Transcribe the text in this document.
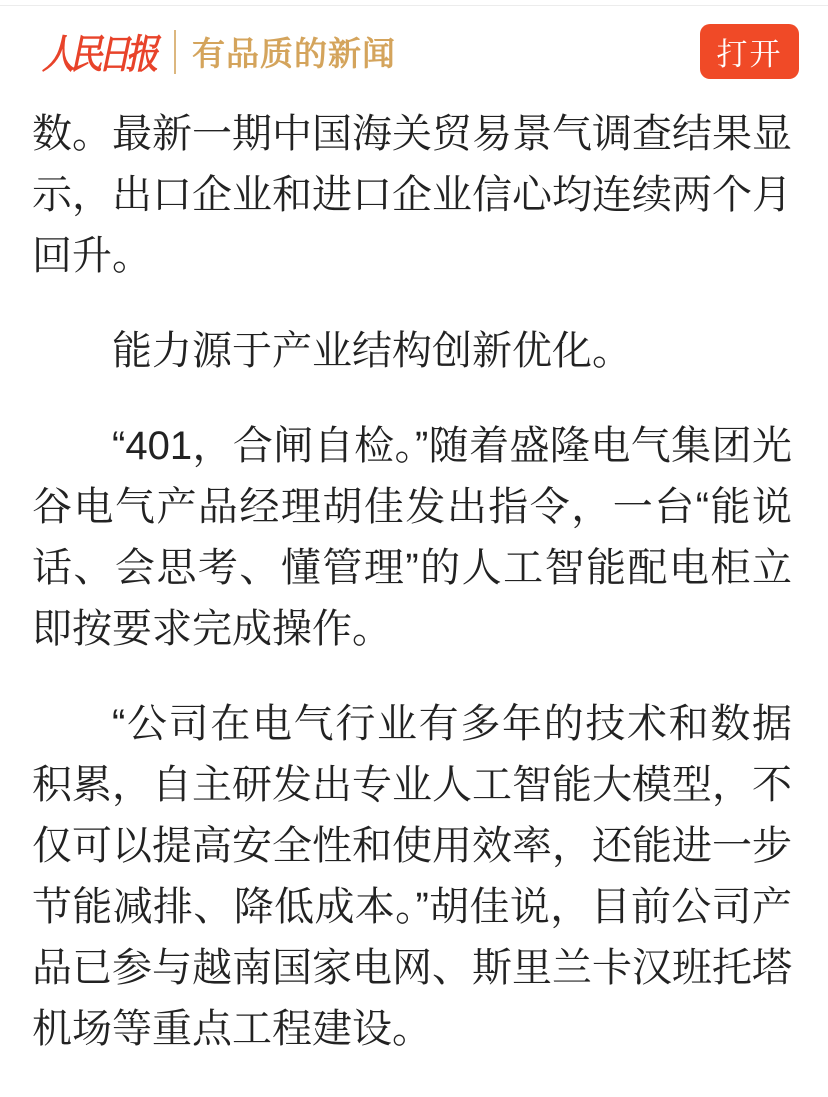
人民日报 有品质的新闻	打开

数。最新一期中国海关贸易景气调查结果显示，出口企业和进口企业信心均连续两个月回升。

能力源于产业结构创新优化。

“401，合闸自检。”随着盛隆电气集团光谷电气产品经理胡佳发出指令，一台“能说话、会思考、懂管理”的人工智能配电柜立即按要求完成操作。

“公司在电气行业有多年的技术和数据积累，自主研发出专业人工智能大模型，不仅可以提高安全性和使用效率，还能进一步节能减排、降低成本。”胡佳说，目前公司产品已参与越南国家电网、斯里兰卡汉班托塔机场等重点工程建设。
